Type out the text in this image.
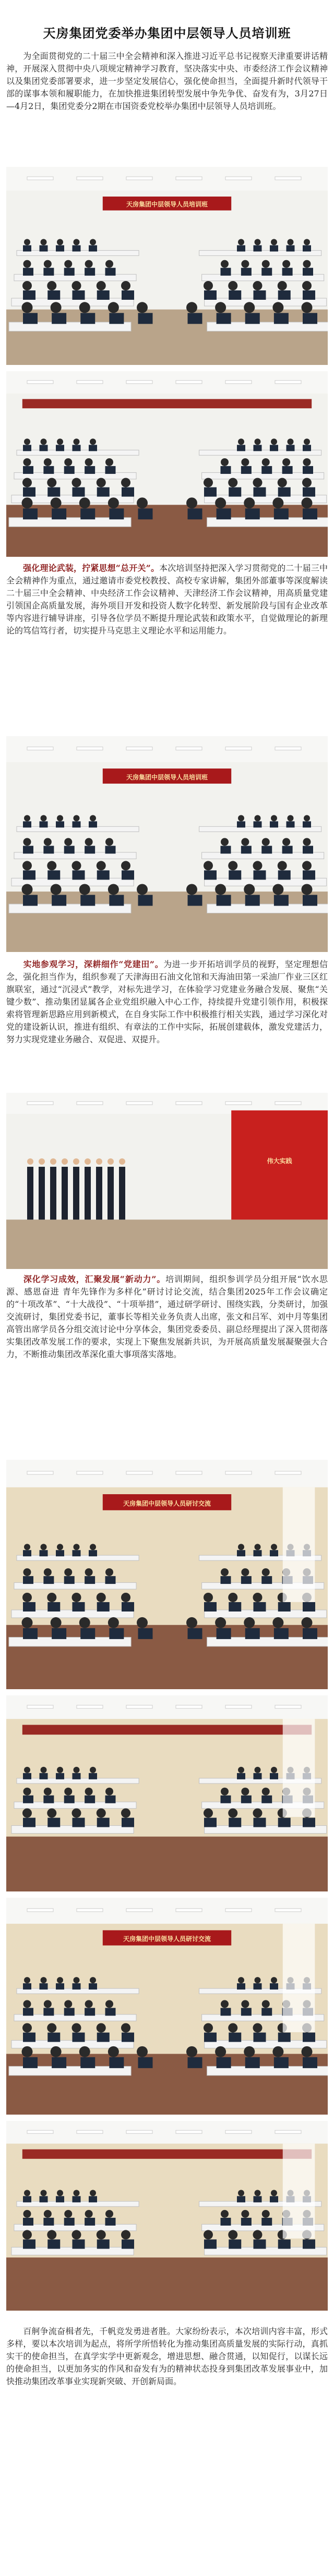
天房集团党委举办集团中层领导人员培训班
为全面贯彻党的二十届三中全会精神和深入推进习近平总书记视察天津重要讲话精神，开展深入贯彻中央八项规定精神学习教育，坚决落实中央、市委经济工作会议精神以及集团党委部署要求，进一步坚定发展信心，强化使命担当，全面提升新时代领导干部的谋事本领和履职能力，在加快推进集团转型发展中争先争优、奋发有为，3月27日—4月2日，集团党委分2期在市国资委党校举办集团中层领导人员培训班。
天房集团中层领导人员培训班
强化理论武装，拧紧思想“总开关”。本次培训坚持把深入学习贯彻党的二十届三中全会精神作为重点，通过邀请市委党校教授、高校专家讲解，集团外部董事等深度解读二十届三中全会精神、中央经济工作会议精神、天津经济工作会议精神，用高质量党建引领国企高质量发展，海外项目开发和投资人数字化转型、新发展阶段与国有企业改革等内容进行辅导讲座，引导各位学员不断提升理论武装和政策水平，自觉做理论的新理论的笃信笃行者，切实提升马克思主义理论水平和运用能力。
天房集团中层领导人员培训班
实地参观学习，深耕细作“党建田”。为进一步开拓培训学员的视野，坚定理想信念，强化担当作为，组织参观了天津海田石油文化馆和天海油田第一采油厂作业三区红旗联室，通过“沉浸式”教学，对标先进学习，在体验学习党建业务融合发展、聚焦“关键少数”、推动集团显属各企业党组织融入中心工作，持续提升党建引领作用，积极探索将管理新思路应用到新模式，在自身实际工作中积极推行相关实践，通过学习深化对党的建设新认识，推进有组织、有章法的工作中实际，拓展创建载体，激发党建活力，努力实现党建业务融合、双促进、双提升。
伟大实践
深化学习成效，汇聚发展“新动力”。培训期间，组织参训学员分组开展“饮水思源、感恩奋进 青年先锋作为多样化”研讨讨论交流，结合集团2025年工作会议确定的“十项改革”、“十大战役”、“十项举措”，通过研学研讨、围绕实践，分类研讨，加强交流研讨，集团党委书记，董事长等相关业务负责人出席，张文和吕军、刘中月等集团高管出席学员各分组交流讨论中分享体会，集团党委委员、副总经理提出了深入贯彻落实集团改革发展工作的要求，实现上下聚焦发展新共识，为开展高质量发展凝聚强大合力，不断推动集团改革深化重大事项落实落地。
天房集团中层领导人员研讨交流
天房集团中层领导人员研讨交流
百舸争流奋楫者先，千帆竞发勇进者胜。大家纷纷表示，本次培训内容丰富，形式多样，要以本次培训为起点，将所学所悟转化为推动集团高质量发展的实际行动，真抓实干的使命担当，在真学实学中更新观念，增进思想、融合贯通，以知促行，以谋长远的使命担当，以更加务实的作风和奋发有为的精神状态投身到集团改革发展事业中，加快推动集团改革事业实现新突破、开创新局面。
